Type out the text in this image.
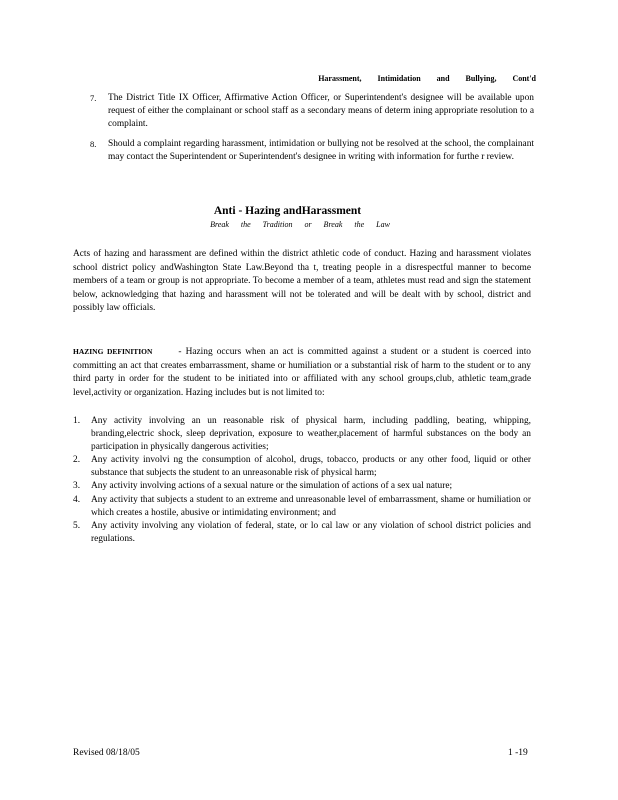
Harassment, Intimidation and Bullying, Cont'd
7.	The District Title IX Officer, Affirmative Action Officer, or Superintendent's designee will be available upon request of either the complainant or school staff as a secondary means of determ ining appropriate resolution to a complaint.
8.	Should a complaint regarding harassment, intimidation or bullying not be resolved at the school, the complainant may contact the Superintendent or Superintendent's designee in writing with information for furthe r review.
Anti - Hazing andHarassment
Break the Tradition or Break the Law
Acts of hazing and harassment are defined within the district athletic code of conduct. Hazing and harassment violates school district policy andWashington State Law.Beyond tha t, treating people in a disrespectful manner to become members of a team or group is not appropriate. To become a member of a team, athletes must read and sign the statement below, acknowledging that hazing and harassment will not be tolerated and will be dealt with by school, district and possibly law officials.
HAZING DEFINITION	- Hazing occurs when an act is committed against a student or a student is coerced into committing an act that creates embarrassment, shame or humiliation or a substantial risk of harm to the student or to any third party in order for the student to be initiated into or affiliated with any school groups,club, athletic team,grade level,activity or organization. Hazing includes but is not limited to:
1.	Any activity involving an un reasonable risk of physical harm, including paddling, beating, whipping, branding,electric shock, sleep deprivation, exposure to weather,placement of harmful substances on the body an participation in physically dangerous activities;
2.	Any activity involvi ng the consumption of alcohol, drugs, tobacco, products or any other food, liquid or other substance that subjects the student to an unreasonable risk of physical harm;
3.	Any activity involving actions of a sexual nature or the simulation of actions of a sex ual nature;
4.	Any activity that subjects a student to an extreme and unreasonable level of embarrassment, shame or humiliation or which creates a hostile, abusive or intimidating environment; and
5.	Any activity involving any violation of federal, state, or lo cal law or any violation of school district policies and regulations.
Revised 08/18/05	1 -19
